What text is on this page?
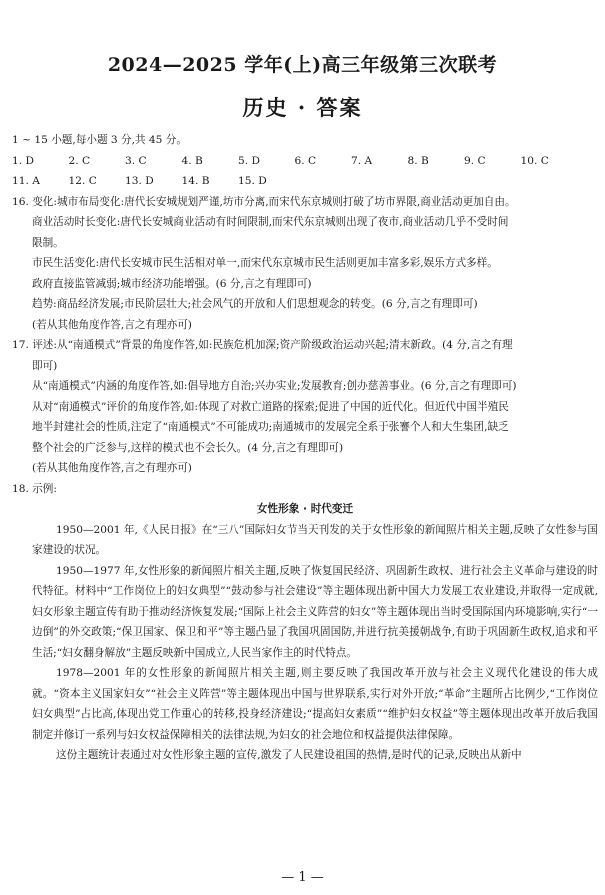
2024—2025 学年(上)高三年级第三次联考
历史 · 答案
1 ~ 15 小题,每小题 3 分,共 45 分。
1. D	2. C	3. C	4. B	5. D	6. C	7. A	8. B	9. C	10. C
11. A	12. C	13. D	14. B	15. D
16. 变化:城市布局变化:唐代长安城规划严谨,坊市分离,而宋代东京城则打破了坊市界限,商业活动更加自由。
商业活动时长变化:唐代长安城商业活动有时间限制,而宋代东京城则出现了夜市,商业活动几乎不受时间
限制。
市民生活变化:唐代长安城市民生活相对单一,而宋代东京城市民生活则更加丰富多彩,娱乐方式多样。
政府直接监管减弱;城市经济功能增强。(6 分,言之有理即可)
趋势:商品经济发展;市民阶层壮大;社会风气的开放和人们思想观念的转变。(6 分,言之有理即可)
(若从其他角度作答,言之有理亦可)
17. 评述:从“南通模式”背景的角度作答,如:民族危机加深;资产阶级政治运动兴起;清末新政。(4 分,言之有理
即可)
从“南通模式”内涵的角度作答,如:倡导地方自治;兴办实业;发展教育;创办慈善事业。(6 分,言之有理即可)
从对“南通模式”评价的角度作答,如:体现了对救亡道路的探索;促进了中国的近代化。但近代中国半殖民
地半封建社会的性质,注定了“南通模式”不可能成功;南通城市的发展完全系于张謇个人和大生集团,缺乏
整个社会的广泛参与,这样的模式也不会长久。(4 分,言之有理即可)
(若从其他角度作答,言之有理亦可)
18. 示例:
女性形象 · 时代变迁
1950—2001 年,《人民日报》在“三八”国际妇女节当天刊发的关于女性形象的新闻照片相关主题,反映了女性参与国家建设的状况。
1950—1977 年,女性形象的新闻照片相关主题,反映了恢复国民经济、巩固新生政权、进行社会主义革命与建设的时代特征。材料中“工作岗位上的妇女典型”“鼓动参与社会建设”等主题体现出新中国大力发展工农业建设,并取得一定成就,妇女形象主题宣传有助于推动经济恢复发展;“国际上社会主义阵营的妇女”等主题体现出当时受国际国内环境影响,实行“一边倒”的外交政策;“保卫国家、保卫和平”等主题凸显了我国巩固国防,并进行抗美援朝战争,有助于巩固新生政权,追求和平生活;“妇女翻身解放”主题反映新中国成立,人民当家作主的时代特点。
1978—2001 年的女性形象的新闻照片相关主题,则主要反映了我国改革开放与社会主义现代化建设的伟大成就。“资本主义国家妇女”“社会主义阵营”等主题体现出中国与世界联系,实行对外开放;“革命”主题所占比例少,“工作岗位妇女典型”占比高,体现出党工作重心的转移,投身经济建设;“提高妇女素质”“维护妇女权益”等主题体现出改革开放后我国制定并修订一系列与妇女权益保障相关的法律法规,为妇女的社会地位和权益提供法律保障。
这份主题统计表通过对女性形象主题的宣传,激发了人民建设祖国的热情,是时代的记录,反映出从新中
— 1 —
